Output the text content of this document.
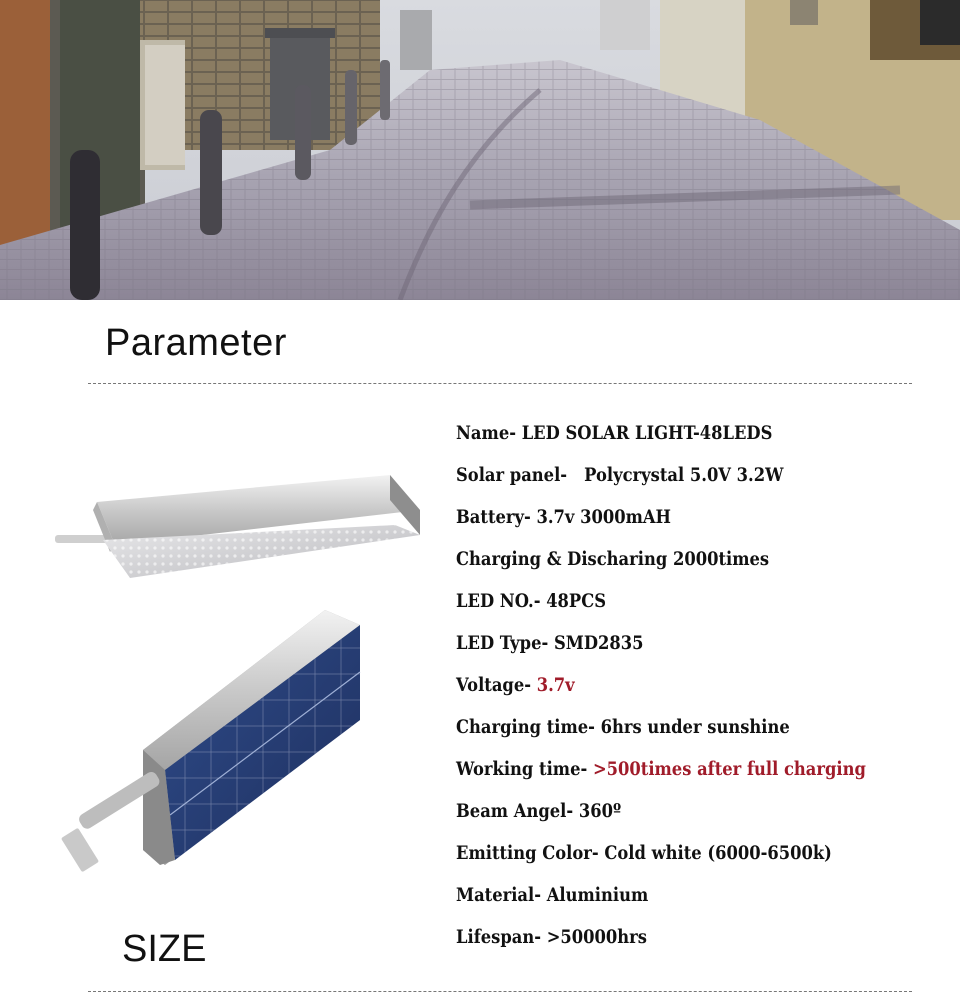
Parameter
Name- LED SOLAR LIGHT-48LEDS
Solar panel- Polycrystal 5.0V 3.2W
Battery- 3.7v 3000mAH
Charging & Discharing 2000times
LED NO.- 48PCS
LED Type- SMD2835
Voltage- 3.7v
Charging time- 6hrs under sunshine
Working time- >500times after full charging
Beam Angel- 360º
Emitting Color- Cold white (6000-6500k)
Material- Aluminium
Lifespan- >50000hrs
SIZE
